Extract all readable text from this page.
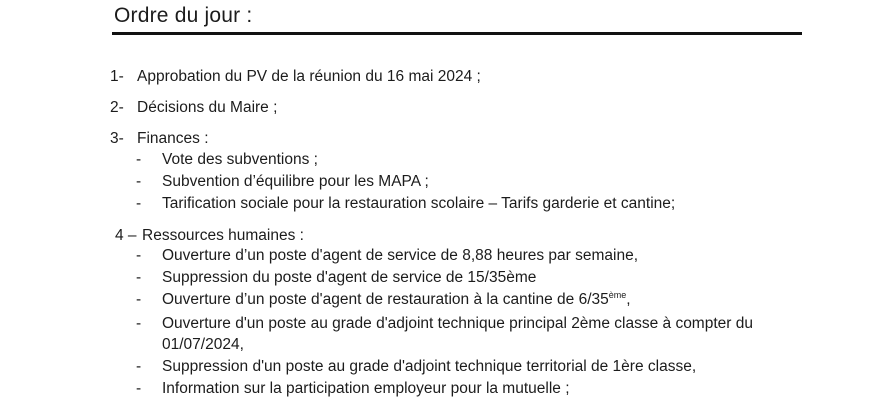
Ordre du jour :
1- Approbation du PV de la réunion du 16 mai 2024 ;
2- Décisions du Maire ;
3- Finances :
- Vote des subventions ;
- Subvention d’équilibre pour les MAPA ;
- Tarification sociale pour la restauration scolaire – Tarifs garderie et cantine;
4 – Ressources humaines :
- Ouverture d’un poste d'agent de service de 8,88 heures par semaine,
- Suppression du poste d'agent de service de 15/35ème
- Ouverture d’un poste d'agent de restauration à la cantine de 6/35ème,
- Ouverture d'un poste au grade d'adjoint technique principal 2ème classe à compter du
01/07/2024,
- Suppression d'un poste au grade d'adjoint technique territorial de 1ère classe,
- Information sur la participation employeur pour la mutuelle ;
